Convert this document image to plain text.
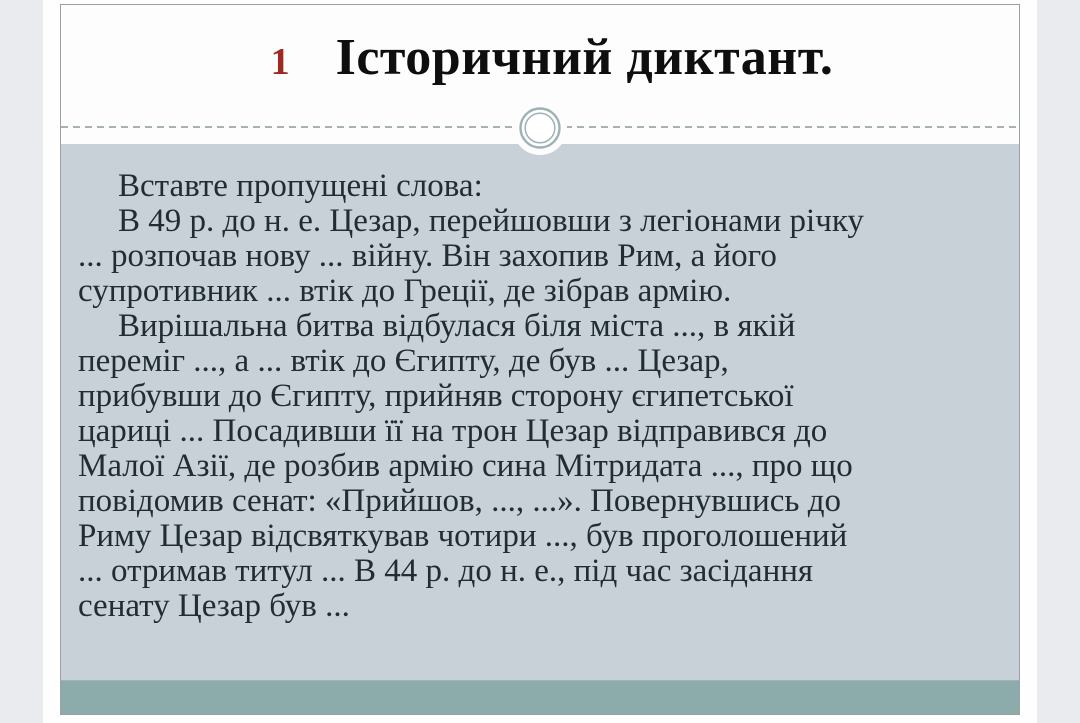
1 Історичний диктант.
Вставте пропущені слова:
В 49 р. до н. е. Цезар, перейшовши з легіонами річку
... розпочав нову ... війну. Він захопив Рим, а його
супротивник ... втік до Греції, де зібрав армію.
Вирішальна битва відбулася біля міста ..., в якій
переміг ..., а ... втік до Єгипту, де був ... Цезар,
прибувши до Єгипту, прийняв сторону єгипетської
цариці ... Посадивши її на трон Цезар відправився до
Малої Азії, де розбив армію сина Мітридата ..., про що
повідомив сенат: «Прийшов, ..., ...». Повернувшись до
Риму Цезар відсвяткував чотири ..., був проголошений
... отримав титул ... В 44 р. до н. е., під час засідання
сенату Цезар був ...
